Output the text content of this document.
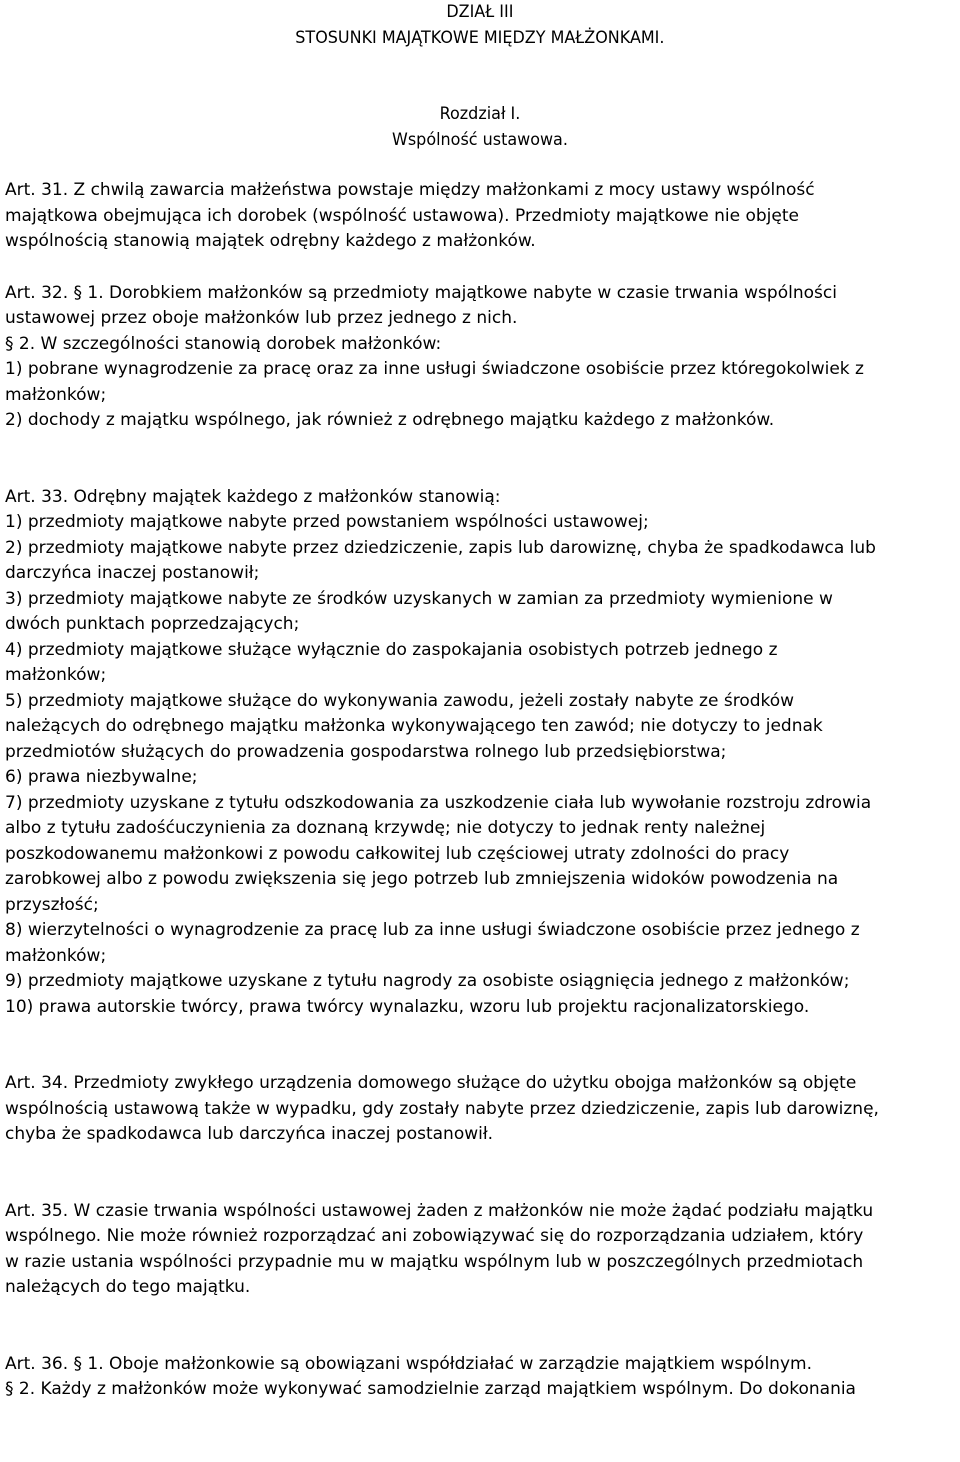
DZIAŁ III
STOSUNKI MAJĄTKOWE MIĘDZY MAŁŻONKAMI.
Rozdział I.
Wspólność ustawowa.
Art. 31. Z chwilą zawarcia małżeństwa powstaje między małżonkami z mocy ustawy wspólność
majątkowa obejmująca ich dorobek (wspólność ustawowa). Przedmioty majątkowe nie objęte
wspólnością stanowią majątek odrębny każdego z małżonków.
Art. 32. § 1. Dorobkiem małżonków są przedmioty majątkowe nabyte w czasie trwania wspólności
ustawowej przez oboje małżonków lub przez jednego z nich.
§ 2. W szczególności stanowią dorobek małżonków:
1) pobrane wynagrodzenie za pracę oraz za inne usługi świadczone osobiście przez któregokolwiek z
małżonków;
2) dochody z majątku wspólnego, jak również z odrębnego majątku każdego z małżonków.
Art. 33. Odrębny majątek każdego z małżonków stanowią:
1) przedmioty majątkowe nabyte przed powstaniem wspólności ustawowej;
2) przedmioty majątkowe nabyte przez dziedziczenie, zapis lub darowiznę, chyba że spadkodawca lub
darczyńca inaczej postanowił;
3) przedmioty majątkowe nabyte ze środków uzyskanych w zamian za przedmioty wymienione w
dwóch punktach poprzedzających;
4) przedmioty majątkowe służące wyłącznie do zaspokajania osobistych potrzeb jednego z
małżonków;
5) przedmioty majątkowe służące do wykonywania zawodu, jeżeli zostały nabyte ze środków
należących do odrębnego majątku małżonka wykonywającego ten zawód; nie dotyczy to jednak
przedmiotów służących do prowadzenia gospodarstwa rolnego lub przedsiębiorstwa;
6) prawa niezbywalne;
7) przedmioty uzyskane z tytułu odszkodowania za uszkodzenie ciała lub wywołanie rozstroju zdrowia
albo z tytułu zadośćuczynienia za doznaną krzywdę; nie dotyczy to jednak renty należnej
poszkodowanemu małżonkowi z powodu całkowitej lub częściowej utraty zdolności do pracy
zarobkowej albo z powodu zwiększenia się jego potrzeb lub zmniejszenia widoków powodzenia na
przyszłość;
8) wierzytelności o wynagrodzenie za pracę lub za inne usługi świadczone osobiście przez jednego z
małżonków;
9) przedmioty majątkowe uzyskane z tytułu nagrody za osobiste osiągnięcia jednego z małżonków;
10) prawa autorskie twórcy, prawa twórcy wynalazku, wzoru lub projektu racjonalizatorskiego.
Art. 34. Przedmioty zwykłego urządzenia domowego służące do użytku obojga małżonków są objęte
wspólnością ustawową także w wypadku, gdy zostały nabyte przez dziedziczenie, zapis lub darowiznę,
chyba że spadkodawca lub darczyńca inaczej postanowił.
Art. 35. W czasie trwania wspólności ustawowej żaden z małżonków nie może żądać podziału majątku
wspólnego. Nie może również rozporządzać ani zobowiązywać się do rozporządzania udziałem, który
w razie ustania wspólności przypadnie mu w majątku wspólnym lub w poszczególnych przedmiotach
należących do tego majątku.
Art. 36. § 1. Oboje małżonkowie są obowiązani współdziałać w zarządzie majątkiem wspólnym.
§ 2. Każdy z małżonków może wykonywać samodzielnie zarząd majątkiem wspólnym. Do dokonania
